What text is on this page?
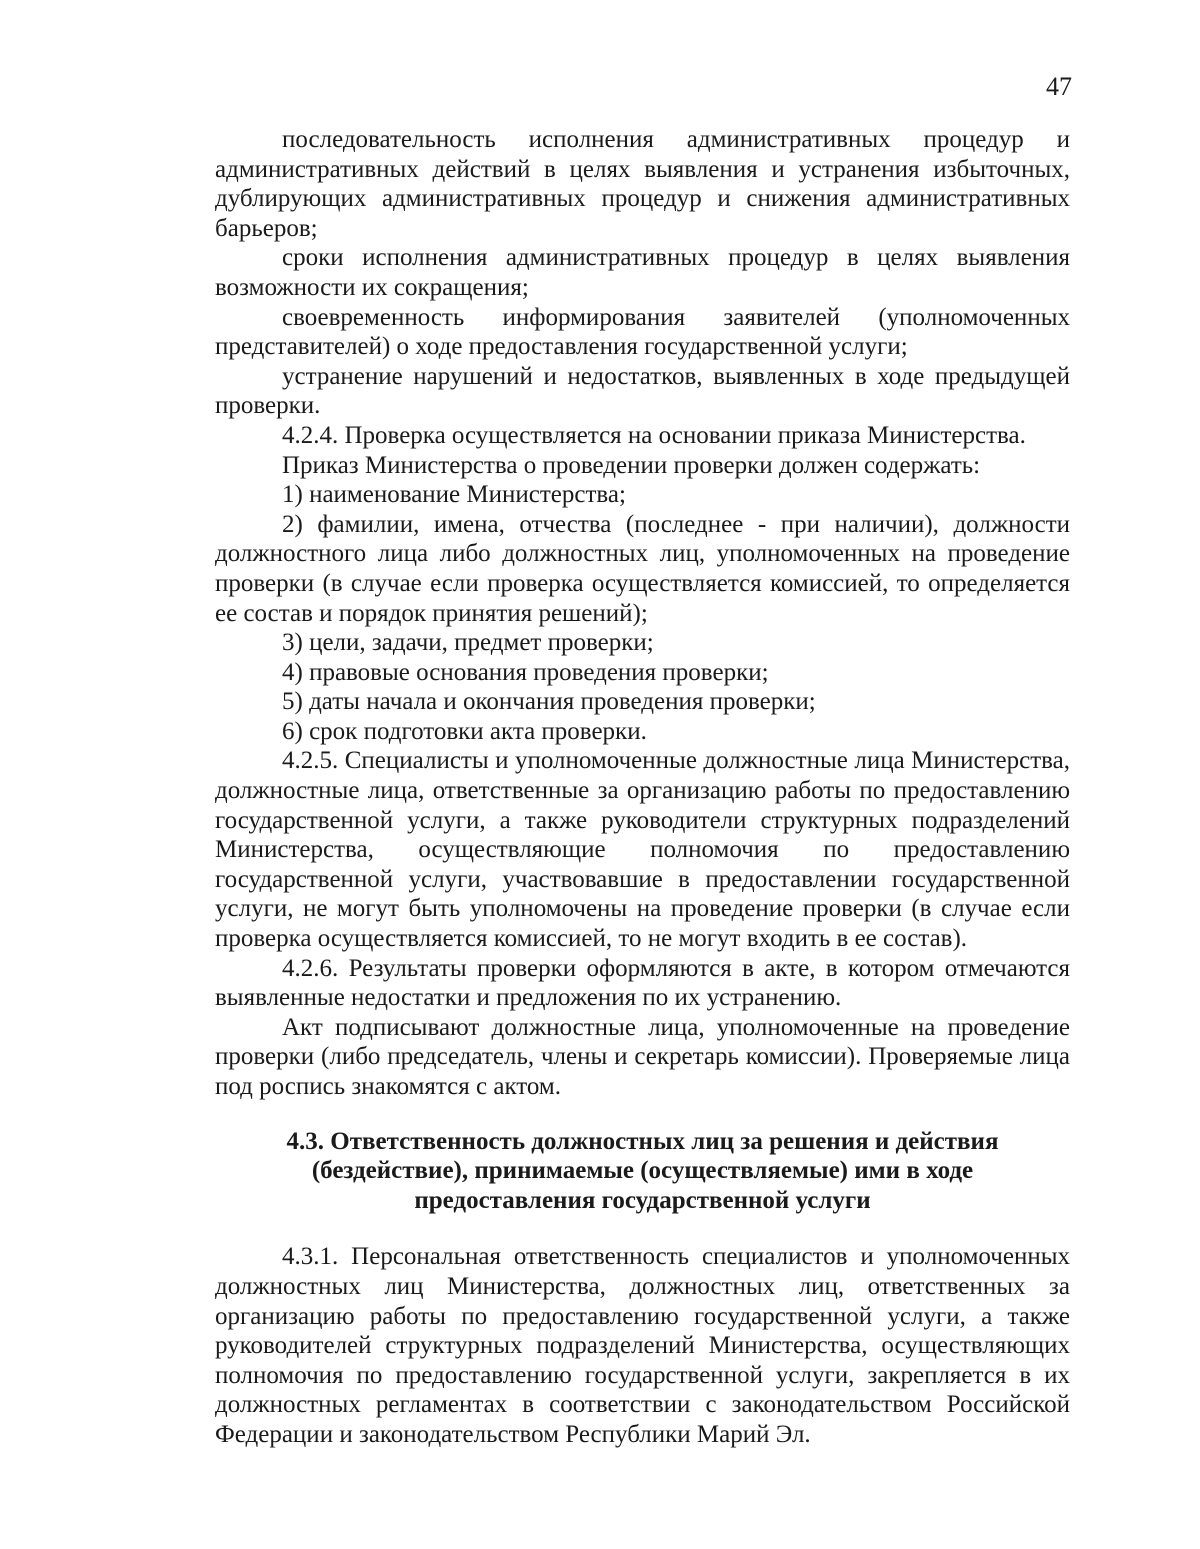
47

последовательность исполнения административных процедур и административных действий в целях выявления и устранения избыточных, дублирующих административных процедур и снижения административных барьеров;

сроки исполнения административных процедур в целях выявления возможности их сокращения;

своевременность информирования заявителей (уполномоченных представителей) о ходе предоставления государственной услуги;

устранение нарушений и недостатков, выявленных в ходе предыдущей проверки.

4.2.4. Проверка осуществляется на основании приказа Министерства.

Приказ Министерства о проведении проверки должен содержать:

1) наименование Министерства;

2) фамилии, имена, отчества (последнее - при наличии), должности должностного лица либо должностных лиц, уполномоченных на проведение проверки (в случае если проверка осуществляется комиссией, то определяется ее состав и порядок принятия решений);

3) цели, задачи, предмет проверки;

4) правовые основания проведения проверки;

5) даты начала и окончания проведения проверки;

6) срок подготовки акта проверки.

4.2.5. Специалисты и уполномоченные должностные лица Министерства, должностные лица, ответственные за организацию работы по предоставлению государственной услуги, а также руководители структурных подразделений Министерства, осуществляющие полномочия по предоставлению государственной услуги, участвовавшие в предоставлении государственной услуги, не могут быть уполномочены на проведение проверки (в случае если проверка осуществляется комиссией, то не могут входить в ее состав).

4.2.6. Результаты проверки оформляются в акте, в котором отмечаются выявленные недостатки и предложения по их устранению.

Акт подписывают должностные лица, уполномоченные на проведение проверки (либо председатель, члены и секретарь комиссии). Проверяемые лица под роспись знакомятся с актом.

4.3. Ответственность должностных лиц за решения и действия (бездействие), принимаемые (осуществляемые) ими в ходе предоставления государственной услуги

4.3.1. Персональная ответственность специалистов и уполномоченных должностных лиц Министерства, должностных лиц, ответственных за организацию работы по предоставлению государственной услуги, а также руководителей структурных подразделений Министерства, осуществляющих полномочия по предоставлению государственной услуги, закрепляется в их должностных регламентах в соответствии с законодательством Российской Федерации и законодательством Республики Марий Эл.
